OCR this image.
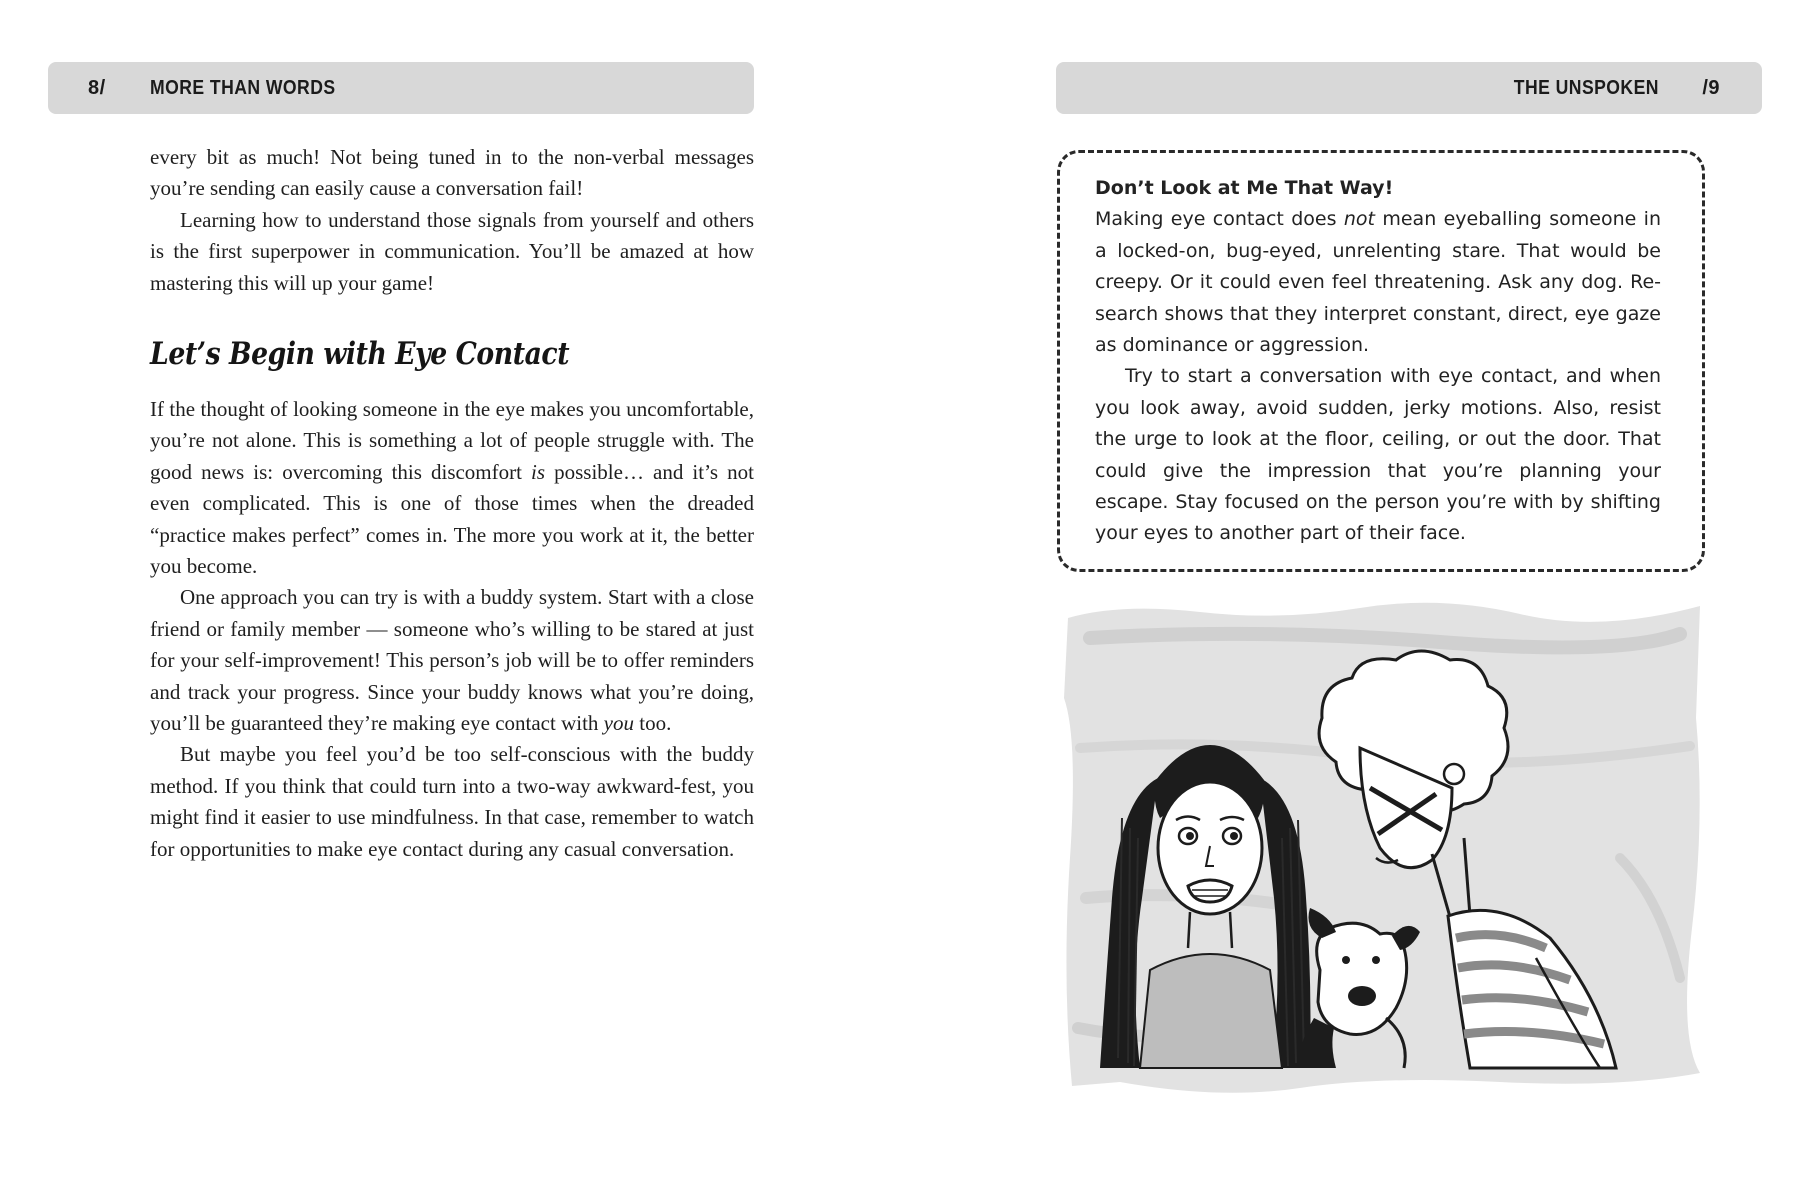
8/ MORE THAN WORDS

every bit as much! Not being tuned in to the non-verbal messages you’re sending can easily cause a conversation fail!

Learning how to understand those signals from yourself and others is the first superpower in communication. You’ll be amazed at how mastering this will up your game!

Let’s Begin with Eye Contact

If the thought of looking someone in the eye makes you uncomfortable, you’re not alone. This is something a lot of people struggle with. The good news is: overcoming this discomfort is possible… and it’s not even complicated. This is one of those times when the dreaded “practice makes perfect” comes in. The more you work at it, the better you become.

One approach you can try is with a buddy system. Start with a close friend or family member — someone who’s willing to be stared at just for your self-improvement! This person’s job will be to offer reminders and track your progress. Since your buddy knows what you’re doing, you’ll be guaranteed they’re making eye contact with you too.

But maybe you feel you’d be too self-conscious with the buddy method. If you think that could turn into a two-way awkward-fest, you might find it easier to use mindfulness. In that case, remember to watch for opportunities to make eye contact during any casual conversation.

THE UNSPOKEN /9
Don’t Look at Me That Way!

Making eye contact does not mean eyeballing someone in a locked-on, bug-eyed, unrelenting stare. That would be creepy. Or it could even feel threatening. Ask any dog. Research shows that they interpret constant, direct, eye gaze as dominance or aggression.

Try to start a conversation with eye contact, and when you look away, avoid sudden, jerky motions. Also, resist the urge to look at the floor, ceiling, or out the door. That could give the impression that you’re planning your escape. Stay focused on the person you’re with by shifting your eyes to another part of their face.
